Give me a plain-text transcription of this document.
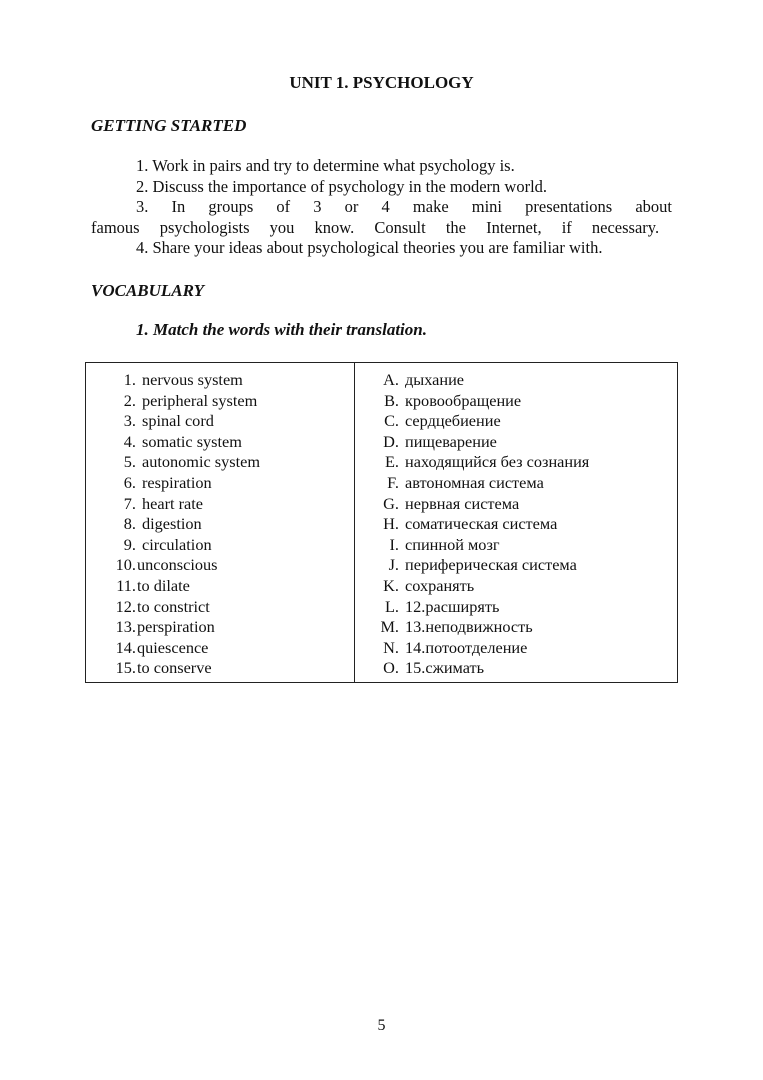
UNIT 1. PSYCHOLOGY
GETTING STARTED

1. Work in pairs and try to determine what psychology is.

2. Discuss the importance of psychology in the modern world.

3. In groups of 3 or 4 make mini presentations about famous psychologists you know. Consult the Internet, if necessary.

4. Share your ideas about psychological theories you are familiar with.

VOCABULARY
1. Match the words with their translation.
1. nervous system
2. peripheral system
3. spinal cord
4. somatic system
5. autonomic system
6. respiration
7. heart rate
8. digestion
9. circulation
10. unconscious
11. to dilate
12. to constrict
13. perspiration
14. quiescence
15. to conserve
A. дыхание
B. кровообращение
C. сердцебиение
D. пищеварение
E. находящийся без сознания
F. автономная система
G. нервная система
H. соматическая система
I. спинной мозг
J. периферическая система
K. сохранять
L. 12.расширять
M. 13.неподвижность
N. 14.потоотделение
O. 15.сжимать
5
